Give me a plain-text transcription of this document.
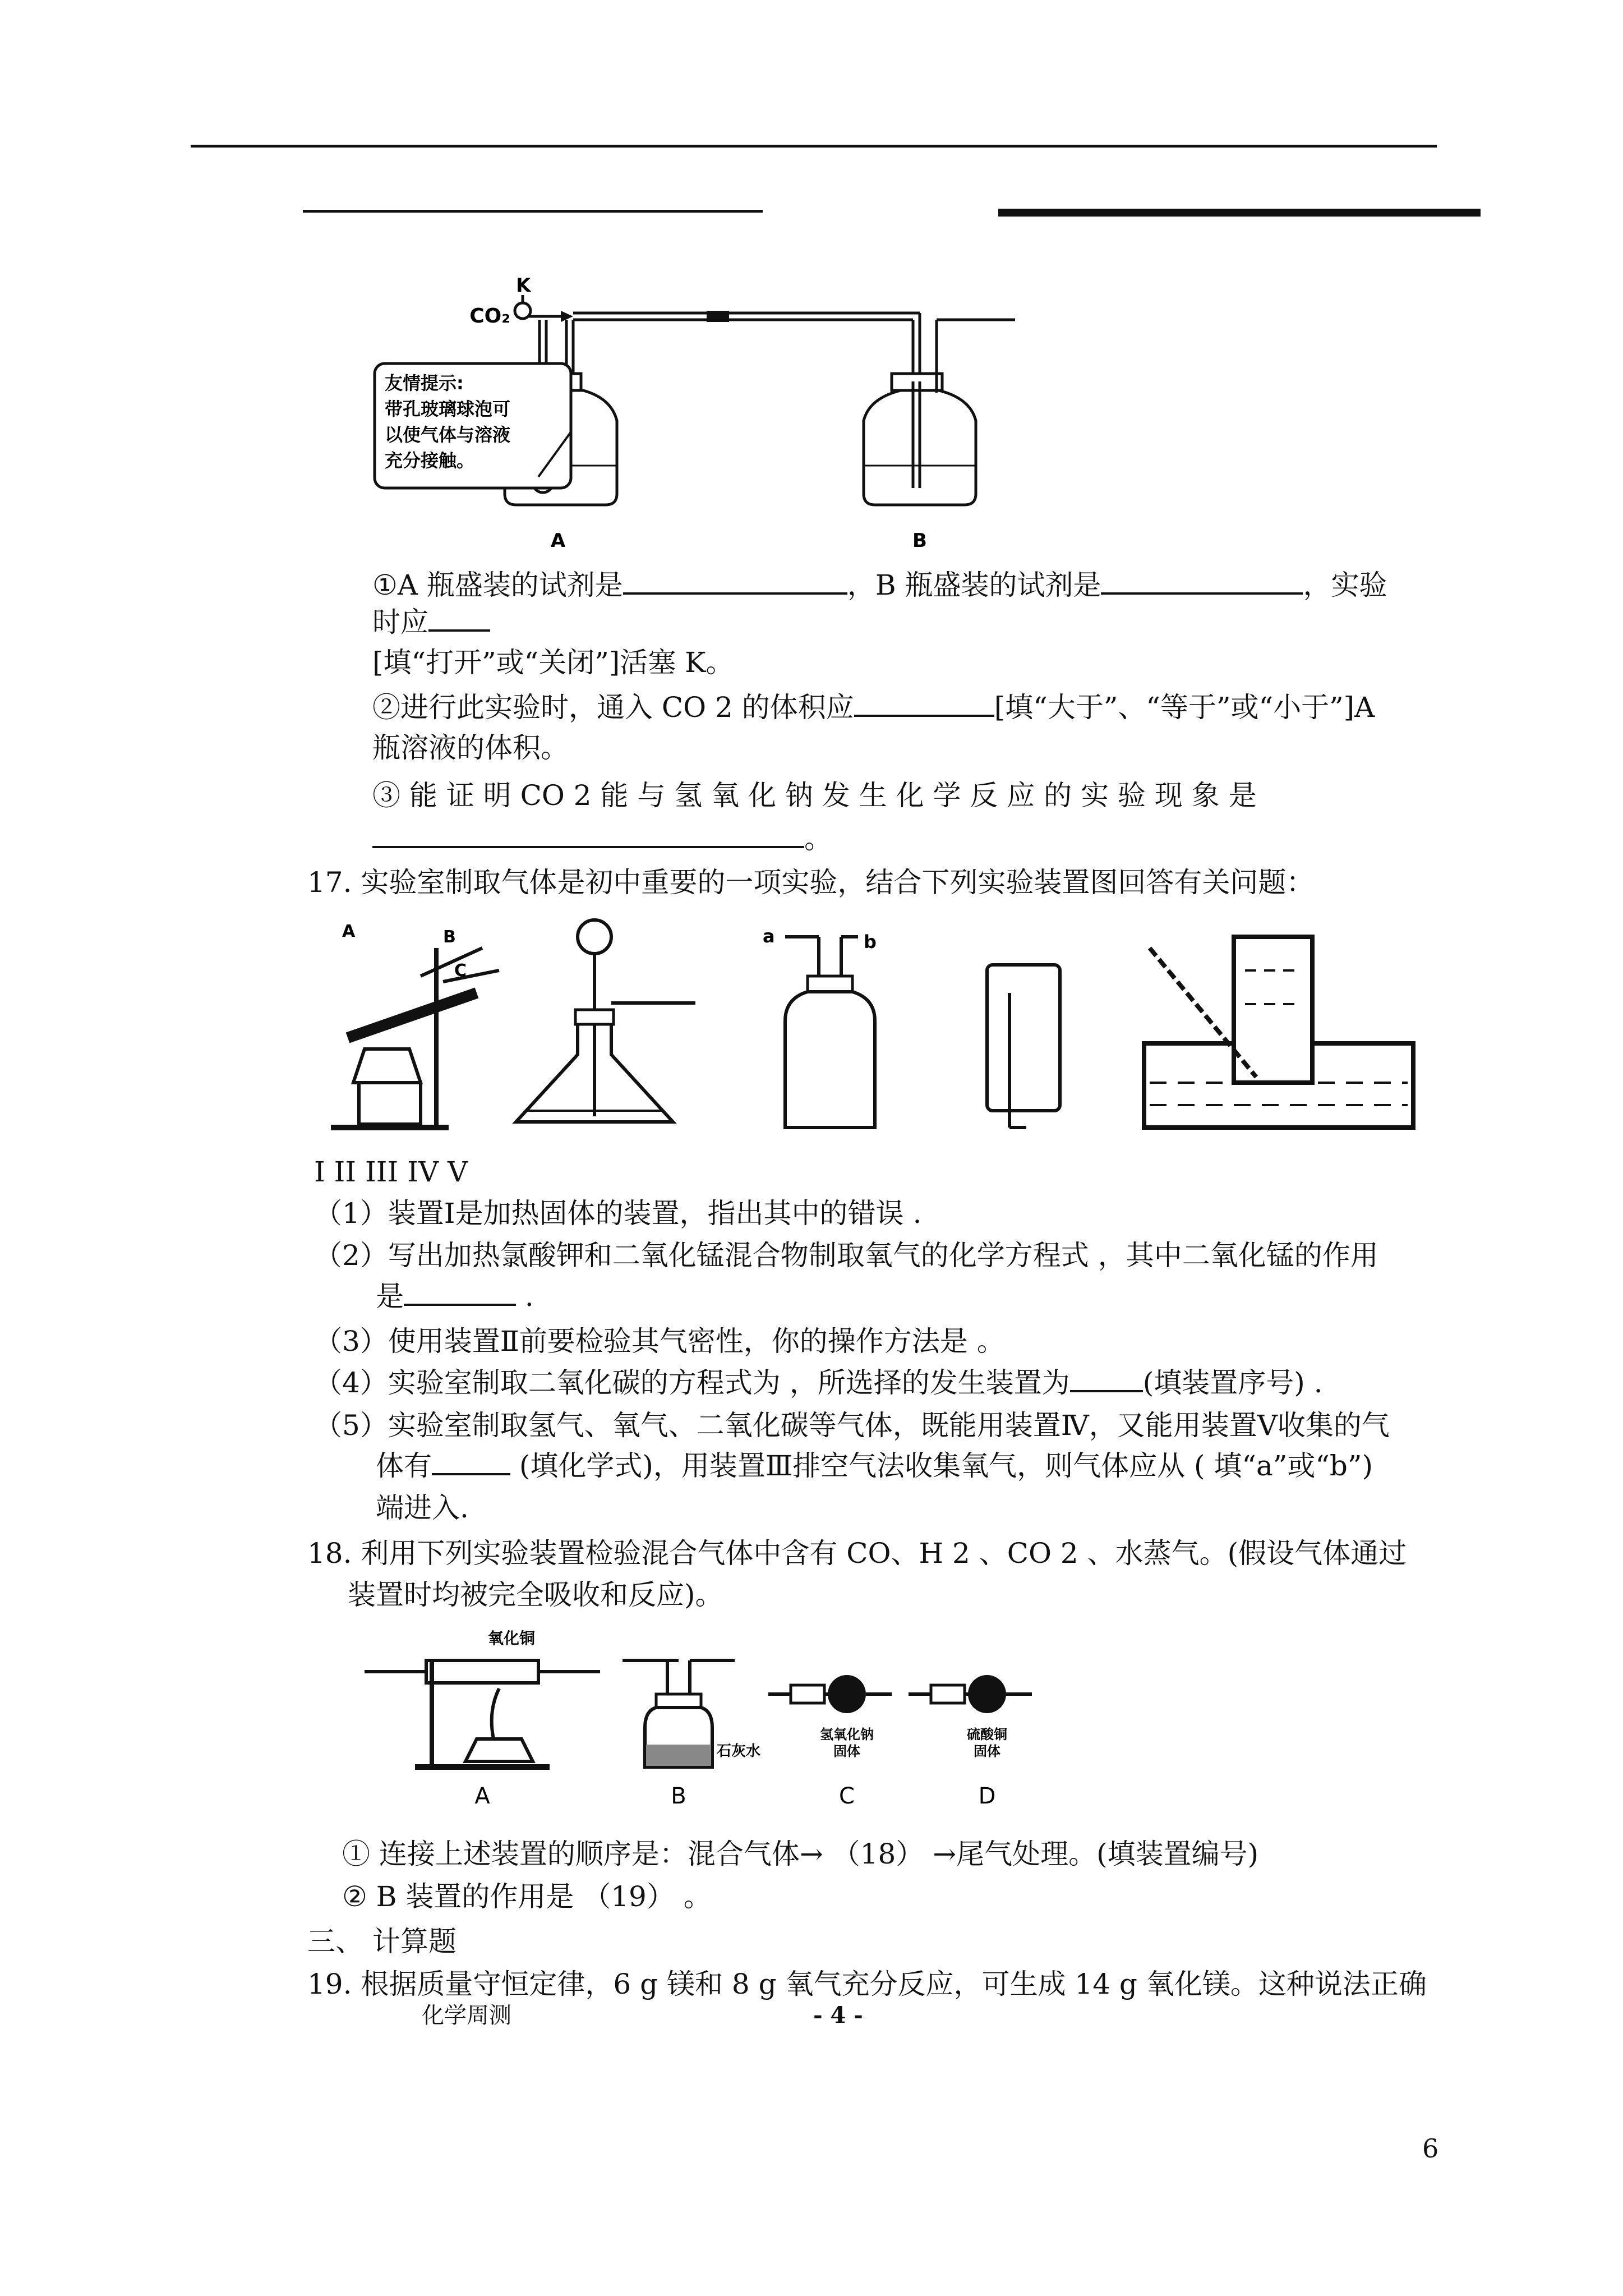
K
CO₂
A	B
友情提示:
带孔玻璃球泡可
以使气体与溶液
充分接触。
①A 瓶盛装的试剂是	，B 瓶盛装的试剂是	，实验
时应
[填“打开”或“关闭”]活塞 K。
②进行此实验时，通入 CO 2 的体积应	[填“大于”、“等于”或“小于”]A
瓶溶液的体积。
③ 能 证 明 CO 2 能 与 氢 氧 化 钠 发 生 化 学 反 应 的 实 验 现 象 是
。
17. 实验室制取气体是初中重要的一项实验，结合下列实验装置图回答有关问题：
A	B
C
a	b
I II III IV V
（1）装置Ⅰ是加热固体的装置，指出其中的错误 .
（2）写出加热氯酸钾和二氧化锰混合物制取氧气的化学方程式 ，其中二氧化锰的作用
是	.
（3）使用装置Ⅱ前要检验其气密性，你的操作方法是 。
（4）实验室制取二氧化碳的方程式为 ，所选择的发生装置为	(填装置序号) .
（5）实验室制取氢气、氧气、二氧化碳等气体，既能用装置Ⅳ，又能用装置Ⅴ收集的气
体有	(填化学式)，用装置Ⅲ排空气法收集氧气，则气体应从 ( 填“a”或“b”)
端进入.
18. 利用下列实验装置检验混合气体中含有 CO、H 2 、CO 2 、水蒸气。(假设气体通过
装置时均被完全吸收和反应)。
氧化铜
A
石灰水
B
氢氧化钠
固体
C
硫酸铜
固体
D
① 连接上述装置的顺序是：混合气体→ （18） →尾气处理。(填装置编号)
② B 装置的作用是 （19） 。
三、 计算题
19. 根据质量守恒定律，6 g 镁和 8 g 氧气充分反应，可生成 14 g 氧化镁。这种说法正确
化学周测	- 4 -
6
